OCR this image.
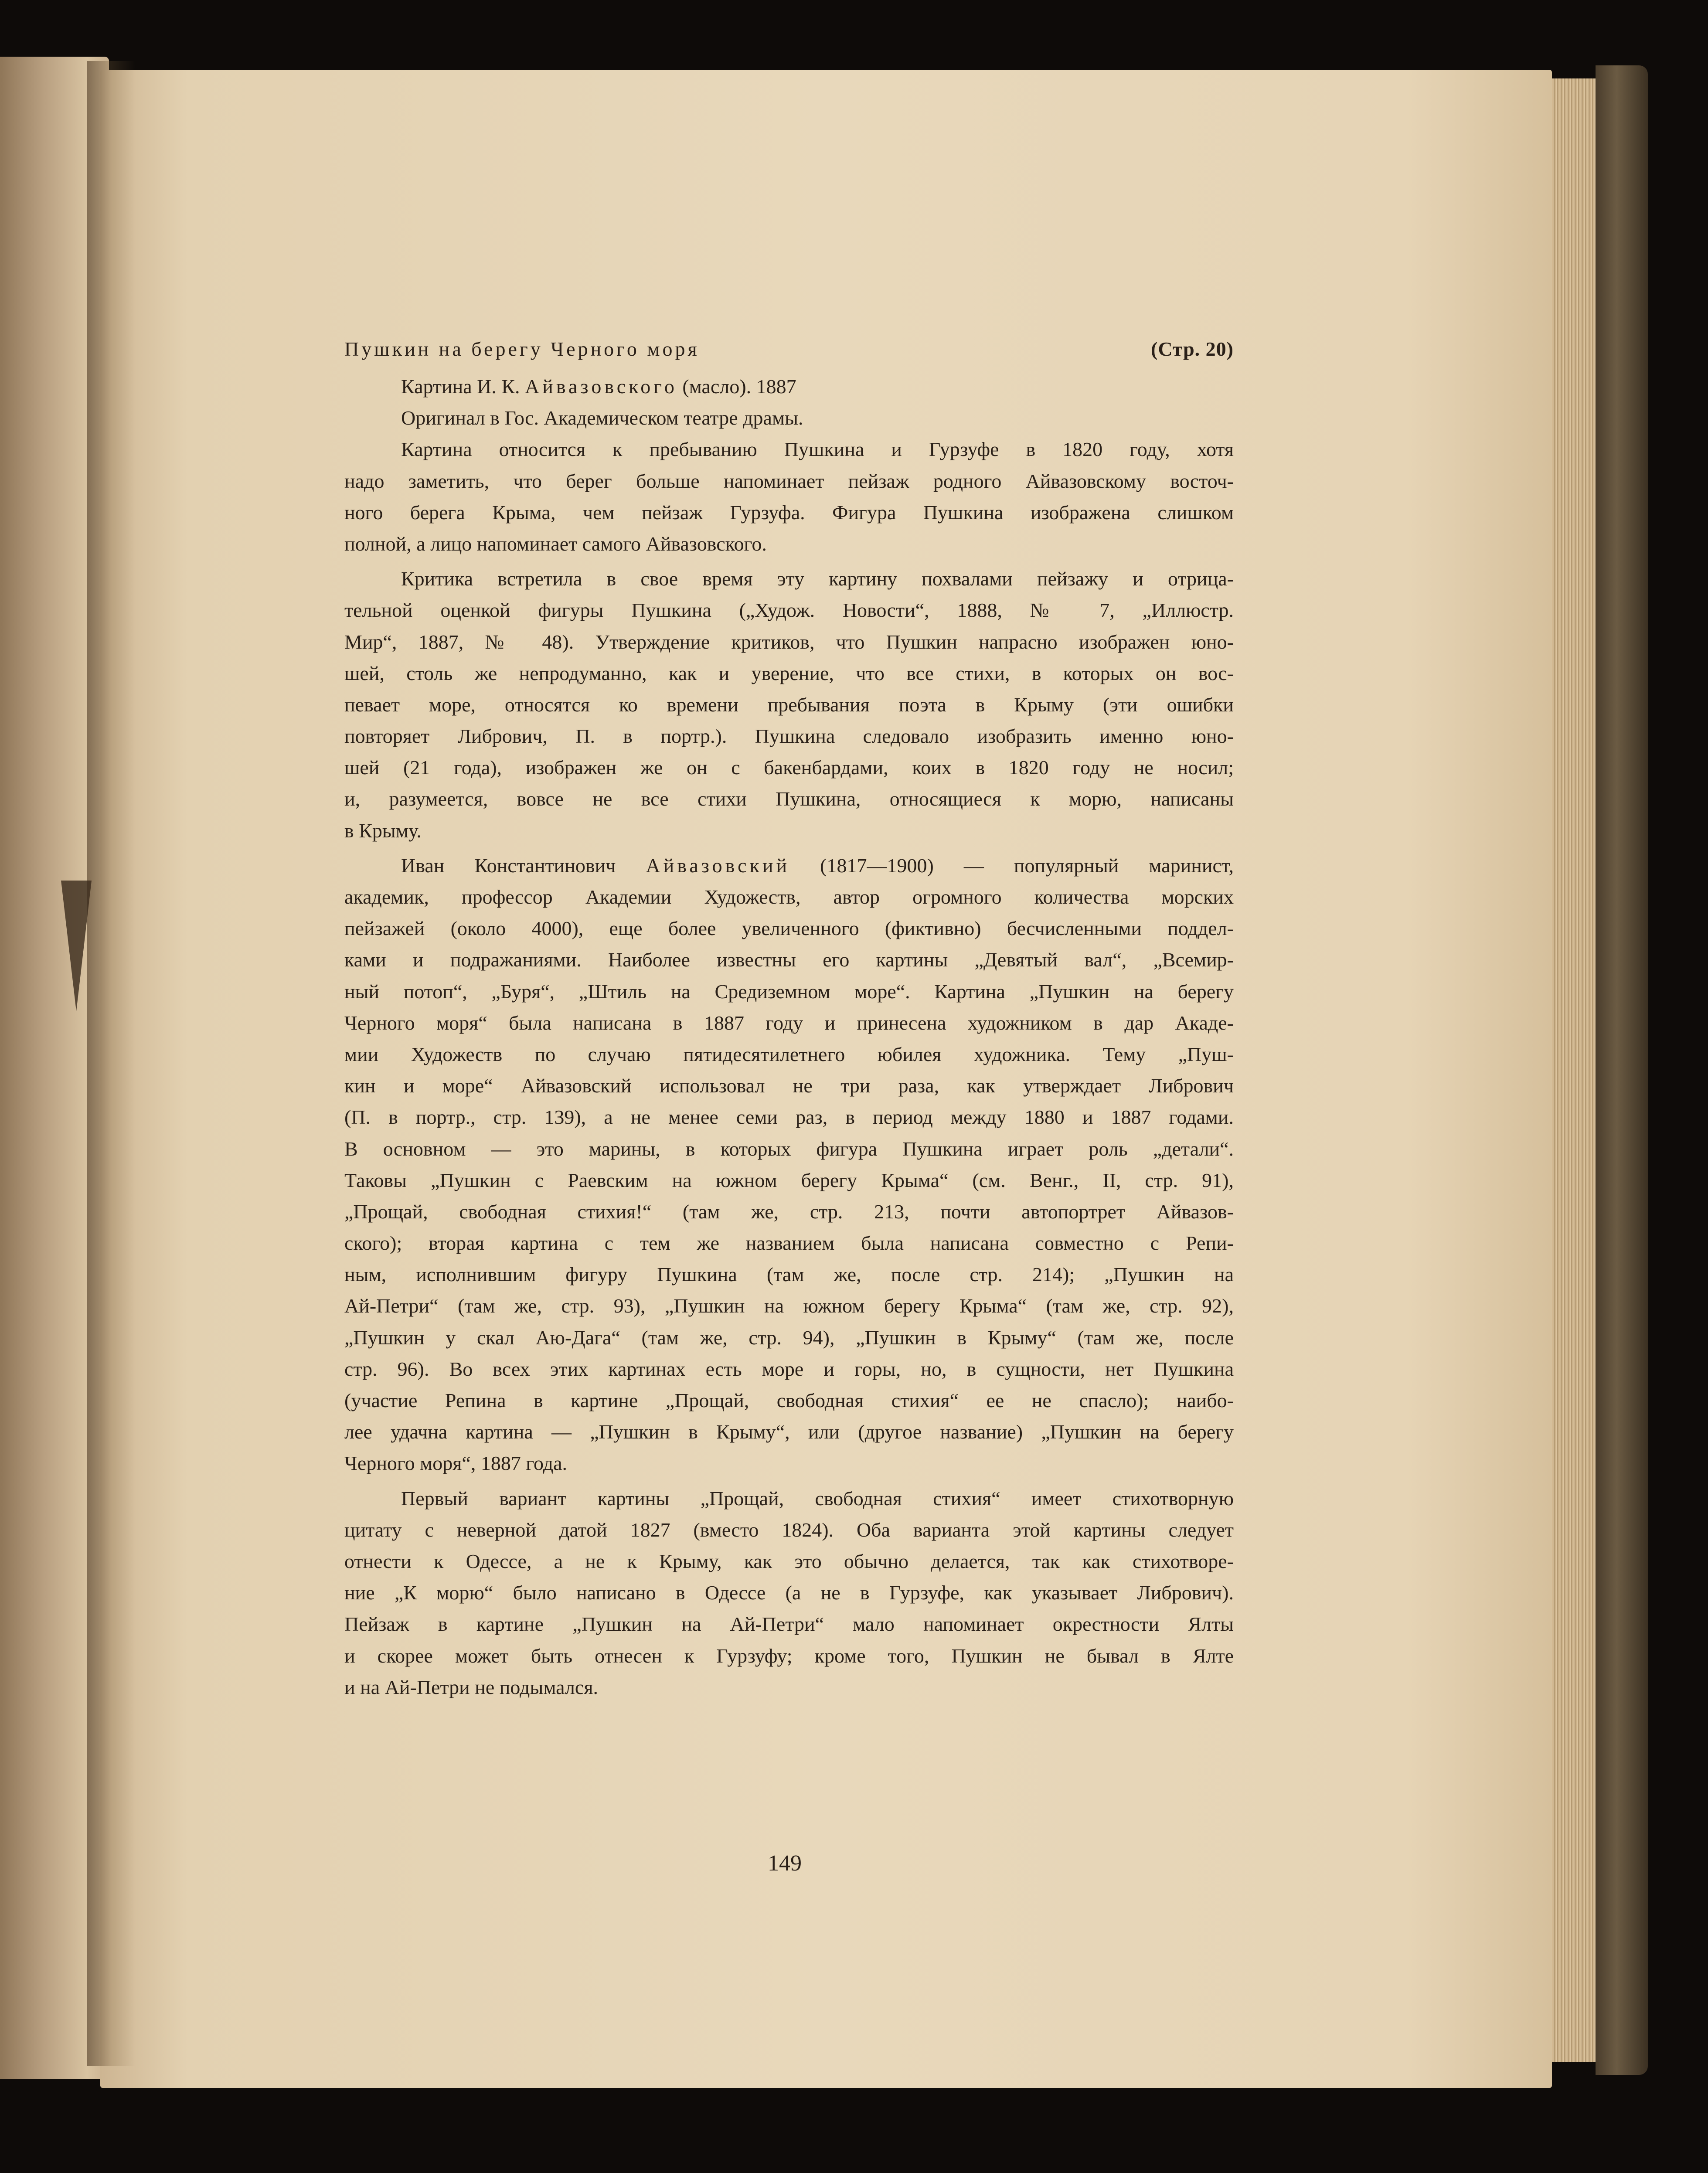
Пушкин на берегу Черного моря	(Стр. 20)
Картина И. К. Айвазовского (масло). 1887
Оригинал в Гос. Академическом театре драмы.
Картина относится к пребыванию Пушкина и Гурзуфе в 1820 году, хотя
надо заметить, что берег больше напоминает пейзаж родного Айвазовскому восточ-
ного берега Крыма, чем пейзаж Гурзуфа. Фигура Пушкина изображена слишком
полной, а лицо напоминает самого Айвазовского.
Критика встретила в свое время эту картину похвалами пейзажу и отрица-
тельной оценкой фигуры Пушкина („Худож. Новости“, 1888, № 7, „Иллюстр.
Мир“, 1887, № 48). Утверждение критиков, что Пушкин напрасно изображен юно-
шей, столь же непродуманно, как и уверение, что все стихи, в которых он вос-
певает море, относятся ко времени пребывания поэта в Крыму (эти ошибки
повторяет Либрович, П. в портр.). Пушкина следовало изобразить именно юно-
шей (21 года), изображен же он с бакенбардами, коих в 1820 году не носил;
и, разумеется, вовсе не все стихи Пушкина, относящиеся к морю, написаны
в Крыму.
Иван Константинович Айвазовский (1817—1900) — популярный маринист,
академик, профессор Академии Художеств, автор огромного количества морских
пейзажей (около 4000), еще более увеличенного (фиктивно) бесчисленными поддел-
ками и подражаниями. Наиболее известны его картины „Девятый вал“, „Всемир-
ный потоп“, „Буря“, „Штиль на Средиземном море“. Картина „Пушкин на берегу
Черного моря“ была написана в 1887 году и принесена художником в дар Акаде-
мии Художеств по случаю пятидесятилетнего юбилея художника. Тему „Пуш-
кин и море“ Айвазовский использовал не три раза, как утверждает Либрович
(П. в портр., стр. 139), а не менее семи раз, в период между 1880 и 1887 годами.
В основном — это марины, в которых фигура Пушкина играет роль „детали“.
Таковы „Пушкин с Раевским на южном берегу Крыма“ (см. Венг., II, стр. 91),
„Прощай, свободная стихия!“ (там же, стр. 213, почти автопортрет Айвазов-
ского); вторая картина с тем же названием была написана совместно с Репи-
ным, исполнившим фигуру Пушкина (там же, после стр. 214); „Пушкин на
Ай-Петри“ (там же, стр. 93), „Пушкин на южном берегу Крыма“ (там же, стр. 92),
„Пушкин у скал Аю-Дага“ (там же, стр. 94), „Пушкин в Крыму“ (там же, после
стр. 96). Во всех этих картинах есть море и горы, но, в сущности, нет Пушкина
(участие Репина в картине „Прощай, свободная стихия“ ее не спасло); наибо-
лее удачна картина — „Пушкин в Крыму“, или (другое название) „Пушкин на берегу
Черного моря“, 1887 года.
Первый вариант картины „Прощай, свободная стихия“ имеет стихотворную
цитату с неверной датой 1827 (вместо 1824). Оба варианта этой картины следует
отнести к Одессе, а не к Крыму, как это обычно делается, так как стихотворе-
ние „К морю“ было написано в Одессе (а не в Гурзуфе, как указывает Либрович).
Пейзаж в картине „Пушкин на Ай-Петри“ мало напоминает окрестности Ялты
и скорее может быть отнесен к Гурзуфу; кроме того, Пушкин не бывал в Ялте
и на Ай-Петри не подымался.
149
